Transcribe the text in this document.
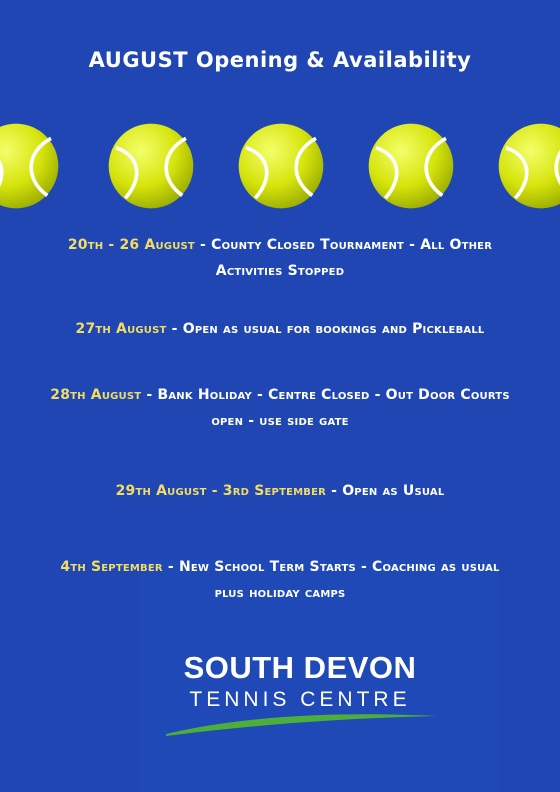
AUGUST Opening & Availability

20th - 26 August - County Closed Tournament - All Other
Activities Stopped

27th August - Open as usual for bookings and Pickleball

28th August - Bank Holiday - Centre Closed - Out Door Courts
open - use side gate

29th August - 3rd September - Open as Usual

4th September - New School Term Starts - Coaching as usual
plus holiday camps

SOUTH DEVON
TENNIS CENTRE
